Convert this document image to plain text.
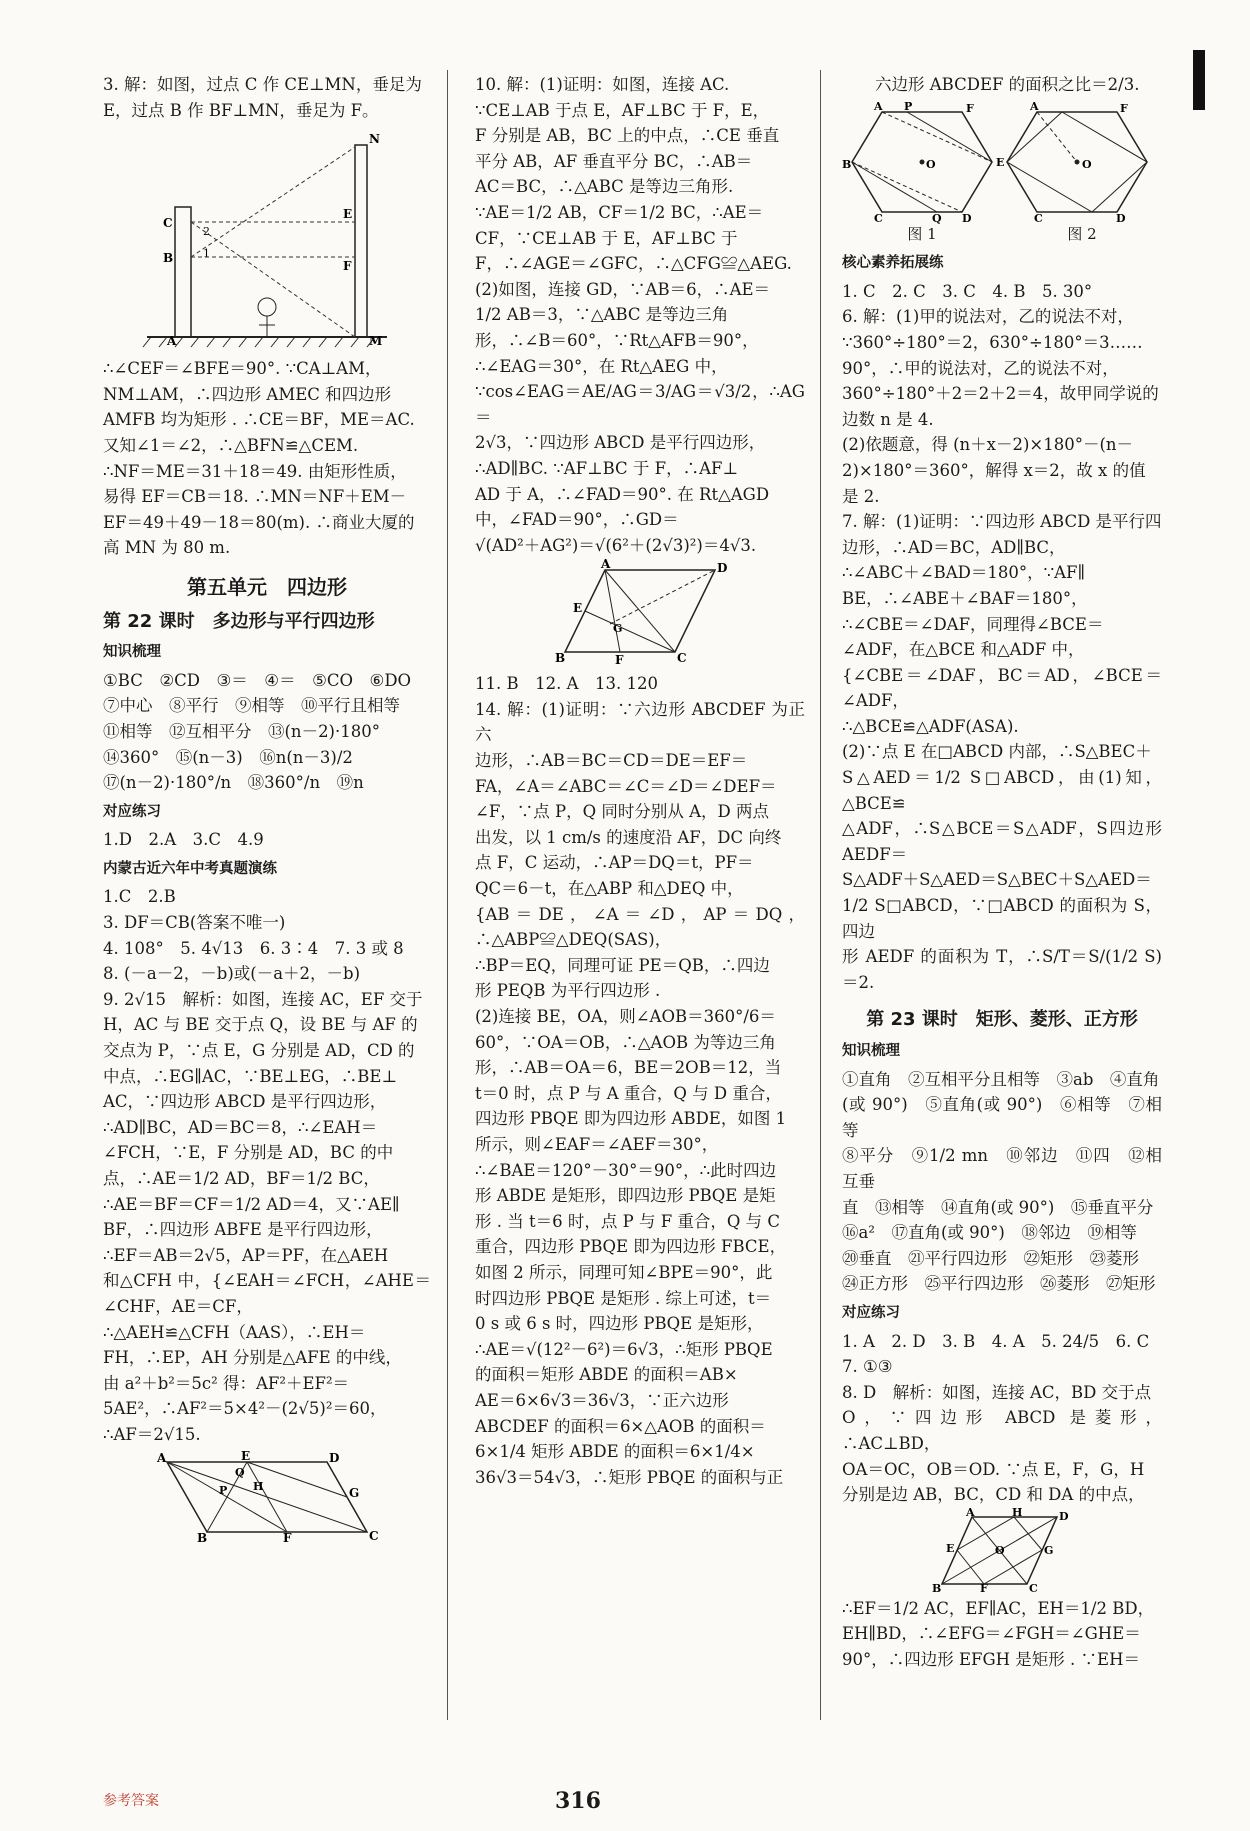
3. 解：如图，过点 C 作 CE⊥MN，垂足为
E，过点 B 作 BF⊥MN，垂足为 F。
C
B
N
E
F
M
A
2
1
∴∠CEF＝∠BFE＝90°. ∵CA⊥AM，
NM⊥AM，∴四边形 AMEC 和四边形
AMFB 均为矩形 . ∴CE＝BF，ME＝AC.
又知∠1＝∠2，∴△BFN≌△CEM.
∴NF＝ME＝31＋18＝49. 由矩形性质，
易得 EF＝CB＝18. ∴MN＝NF＋EM－
EF＝49＋49－18＝80(m). ∴商业大厦的
高 MN 为 80 m.
第五单元　四边形
第 22 课时　多边形与平行四边形
知识梳理
①BC　②CD　③＝　④＝　⑤CO　⑥DO
⑦中心　⑧平行　⑨相等　⑩平行且相等
⑪相等　⑫互相平分　⑬(n－2)·180°
⑭360°　⑮(n－3)　⑯n(n－3)/2
⑰(n－2)·180°/n　⑱360°/n　⑲n
对应练习
1.D　2.A　3.C　4.9
内蒙古近六年中考真题演练
1.C　2.B
3. DF＝CB(答案不唯一)
4. 108°　5. 4√13　6. 3∶4　7. 3 或 8
8. (－a－2，－b)或(－a＋2，－b)
9. 2√15　解析：如图，连接 AC，EF 交于
H，AC 与 BE 交于点 Q，设 BE 与 AF 的
交点为 P，∵点 E，G 分别是 AD，CD 的
中点，∴EG∥AC，∵BE⊥EG，∴BE⊥
AC，∵四边形 ABCD 是平行四边形，
∴AD∥BC，AD＝BC＝8，∴∠EAH＝
∠FCH，∵E，F 分别是 AD，BC 的中
点，∴AE＝1/2 AD，BF＝1/2 BC，
∴AE＝BF＝CF＝1/2 AD＝4，又∵AE∥
BF，∴四边形 ABFE 是平行四边形，
∴EF＝AB＝2√5，AP＝PF，在△AEH
和△CFH 中，{∠EAH＝∠FCH，∠AHE＝∠CHF，AE＝CF，
∴△AEH≌△CFH（AAS），∴EH＝
FH，∴EP，AH 分别是△AFE 的中线，
由 a²＋b²＝5c² 得：AF²＋EF²＝
5AE²，∴AF²＝5×4²－(2√5)²＝60，
∴AF＝2√15.
A	E	D
B	F	C
G
H
P
Q
10. 解：(1)证明：如图，连接 AC.
∵CE⊥AB 于点 E，AF⊥BC 于 F，E，
F 分别是 AB，BC 上的中点，∴CE 垂直
平分 AB，AF 垂直平分 BC，∴AB＝
AC＝BC，∴△ABC 是等边三角形.
∵AE＝1/2 AB，CF＝1/2 BC，∴AE＝
CF，∵CE⊥AB 于 E，AF⊥BC 于
F，∴∠AGE＝∠GFC，∴△CFG≌△AEG.
(2)如图，连接 GD，∵AB＝6，∴AE＝
1/2 AB＝3，∵△ABC 是等边三角
形，∴∠B＝60°，∵Rt△AFB＝90°，
∴∠EAG＝30°，在 Rt△AEG 中，
∵cos∠EAG＝AE/AG＝3/AG＝√3/2，∴AG＝
2√3，∵四边形 ABCD 是平行四边形，
∴AD∥BC. ∵AF⊥BC 于 F，∴AF⊥
AD 于 A，∴∠FAD＝90°. 在 Rt△AGD
中，∠FAD＝90°，∴GD＝
√(AD²＋AG²)＝√(6²＋(2√3)²)＝4√3.
A	D
B	F	C
E
G
11. B　12. A　13. 120
14. 解：(1)证明：∵六边形 ABCDEF 为正六
边形，∴AB＝BC＝CD＝DE＝EF＝
FA，∠A＝∠ABC＝∠C＝∠D＝∠DEF＝
∠F，∵点 P，Q 同时分别从 A，D 两点
出发，以 1 cm/s 的速度沿 AF，DC 向终
点 F，C 运动，∴AP＝DQ＝t，PF＝
QC＝6－t，在△ABP 和△DEQ 中，
{AB＝DE，∠A＝∠D，AP＝DQ，∴△ABP≌△DEQ(SAS)，
∴BP＝EQ，同理可证 PE＝QB，∴四边
形 PEQB 为平行四边形 .
(2)连接 BE，OA，则∠AOB＝360°/6＝
60°，∵OA＝OB，∴△AOB 为等边三角
形，∴AB＝OA＝6，BE＝2OB＝12，当
t＝0 时，点 P 与 A 重合，Q 与 D 重合，
四边形 PBQE 即为四边形 ABDE，如图 1
所示，则∠EAF＝∠AEF＝30°，
∴∠BAE＝120°－30°＝90°，∴此时四边
形 ABDE 是矩形，即四边形 PBQE 是矩
形 . 当 t＝6 时，点 P 与 F 重合，Q 与 C
重合，四边形 PBQE 即为四边形 FBCE，
如图 2 所示，同理可知∠BPE＝90°，此
时四边形 PBQE 是矩形 . 综上可述，t＝
0 s 或 6 s 时，四边形 PBQE 是矩形，
∴AE＝√(12²－6²)＝6√3，∴矩形 PBQE
的面积＝矩形 ABDE 的面积＝AB×
AE＝6×6√3＝36√3，∵正六边形
ABCDEF 的面积＝6×△AOB 的面积＝
6×1/4 矩形 ABDE 的面积＝6×1/4×
36√3＝54√3，∴矩形 PBQE 的面积与正
六边形 ABCDEF 的面积之比＝2/3.
A P	F
B	E
O
C	Q D
A	F
O
C	D
图 1	图 2
核心素养拓展练
1. C　2. C　3. C　4. B　5. 30°
6. 解：(1)甲的说法对，乙的说法不对，
∵360°÷180°＝2，630°÷180°＝3……
90°，∴甲的说法对，乙的说法不对，
360°÷180°＋2＝2＋2＝4，故甲同学说的
边数 n 是 4.
(2)依题意，得 (n＋x－2)×180°－(n－
2)×180°＝360°，解得 x＝2，故 x 的值
是 2.
7. 解：(1)证明：∵四边形 ABCD 是平行四
边形，∴AD＝BC，AD∥BC，
∴∠ABC＋∠BAD＝180°，∵AF∥
BE，∴∠ABE＋∠BAF＝180°，
∴∠CBE＝∠DAF，同理得∠BCE＝
∠ADF，在△BCE 和△ADF 中，
{∠CBE＝∠DAF，BC＝AD，∠BCE＝∠ADF，
∴△BCE≌△ADF(ASA).
(2)∵点 E 在□ABCD 内部，∴S△BEC＋
S△AED＝1/2 S□ABCD，由(1)知，△BCE≌
△ADF，∴S△BCE＝S△ADF，S四边形AEDF＝
S△ADF＋S△AED＝S△BEC＋S△AED＝
1/2 S□ABCD，∵□ABCD 的面积为 S，四边
形 AEDF 的面积为 T，∴S/T＝S/(1/2 S)＝2.
第 23 课时　矩形、菱形、正方形
知识梳理
①直角　②互相平分且相等　③ab　④直角
(或 90°)　⑤直角(或 90°)　⑥相等　⑦相等
⑧平分　⑨1/2 mn　⑩邻边　⑪四　⑫相互垂
直　⑬相等　⑭直角(或 90°)　⑮垂直平分
⑯a²　⑰直角(或 90°)　⑱邻边　⑲相等
⑳垂直　㉑平行四边形　㉒矩形　㉓菱形
㉔正方形　㉕平行四边形　㉖菱形　㉗矩形
对应练习
1. A　2. D　3. B　4. A　5. 24/5　6. C
7. ①③
8. D　解析：如图，连接 AC，BD 交于点
O，∵四边形 ABCD 是菱形，∴AC⊥BD，
OA＝OC，OB＝OD. ∵点 E，F，G，H
分别是边 AB，BC，CD 和 DA 的中点，
A	H	D
E	O	G
B	F	C
∴EF＝1/2 AC，EF∥AC，EH＝1/2 BD，
EH∥BD，∴∠EFG＝∠FGH＝∠GHE＝
90°，∴四边形 EFGH 是矩形 . ∵EH＝
参考答案	316
